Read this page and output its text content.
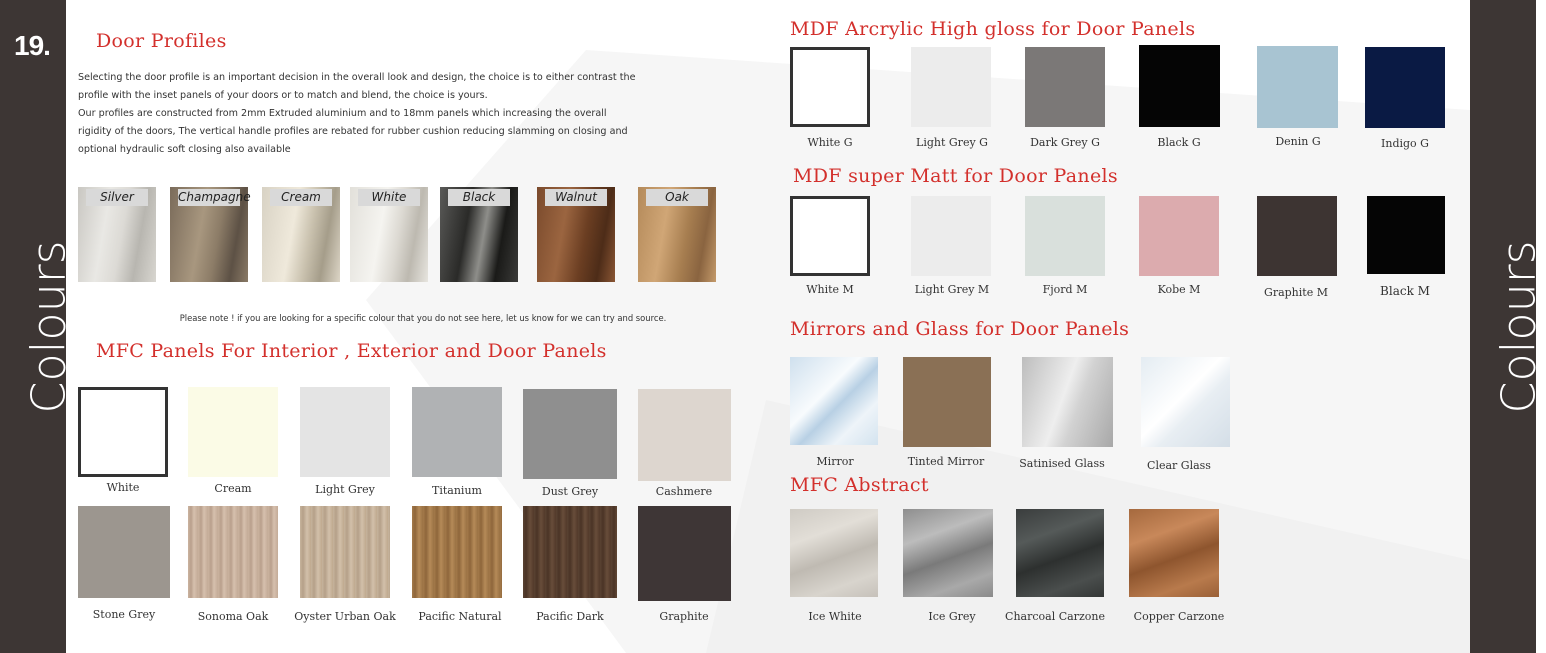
19.
Colours	Colours
Door Profiles
Selecting the door profile is an important decision in the overall look and design, the choice is to either contrast the
profile with the inset panels of your doors or to match and blend, the choice is yours.
Our profiles are constructed from 2mm Extruded aluminium and to 18mm panels which increasing the overall
rigidity of the doors, The vertical handle profiles are rebated for rubber cushion reducing slamming on closing and
optional hydraulic soft closing also available
Silver	Champagne	Cream	White	Black	Walnut	Oak
Please note ! if you are looking for a specific colour that you do not see here, let us know for we can try and source.
MFC Panels For Interior , Exterior and Door Panels
White	Cream	Light Grey	Titanium	Dust Grey	Cashmere
Stone Grey	Sonoma Oak	Oyster Urban Oak	Pacific Natural	Pacific Dark	Graphite
MDF Arcrylic High gloss for Door Panels
White G	Light Grey G	Dark Grey G	Black G	Denin G	Indigo G
MDF super Matt for Door Panels
White M	Light Grey M	Fjord M	Kobe M	Graphite M	Black M
Mirrors and Glass for Door Panels
Mirror	Tinted Mirror	Satinised Glass	Clear Glass
MFC Abstract
Ice White	Ice Grey	Charcoal Carzone	Copper Carzone
